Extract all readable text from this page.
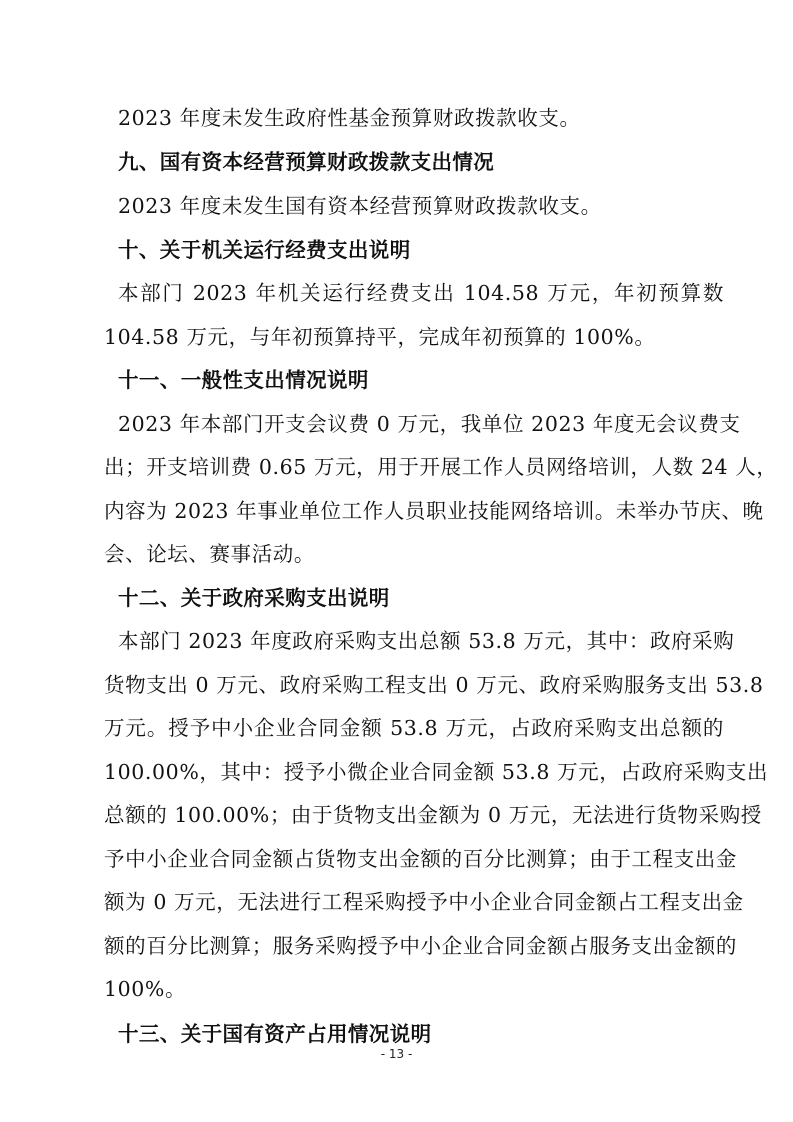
2023 年度未发生政府性基金预算财政拨款收支。
九、国有资本经营预算财政拨款支出情况
2023 年度未发生国有资本经营预算财政拨款收支。
十、关于机关运行经费支出说明
本部门 2023 年机关运行经费支出 104.58 万元，年初预算数
104.58 万元，与年初预算持平，完成年初预算的 100%。
十一、一般性支出情况说明
2023 年本部门开支会议费 0 万元，我单位 2023 年度无会议费支
出；开支培训费 0.65 万元，用于开展工作人员网络培训，人数 24 人，
内容为 2023 年事业单位工作人员职业技能网络培训。未举办节庆、晚
会、论坛、赛事活动。
十二、关于政府采购支出说明
本部门 2023 年度政府采购支出总额 53.8 万元，其中：政府采购
货物支出 0 万元、政府采购工程支出 0 万元、政府采购服务支出 53.8
万元。授予中小企业合同金额 53.8 万元，占政府采购支出总额的
100.00%，其中：授予小微企业合同金额 53.8 万元，占政府采购支出
总额的 100.00%；由于货物支出金额为 0 万元，无法进行货物采购授
予中小企业合同金额占货物支出金额的百分比测算；由于工程支出金
额为 0 万元，无法进行工程采购授予中小企业合同金额占工程支出金
额的百分比测算；服务采购授予中小企业合同金额占服务支出金额的
100%。
十三、关于国有资产占用情况说明
- 13 -
